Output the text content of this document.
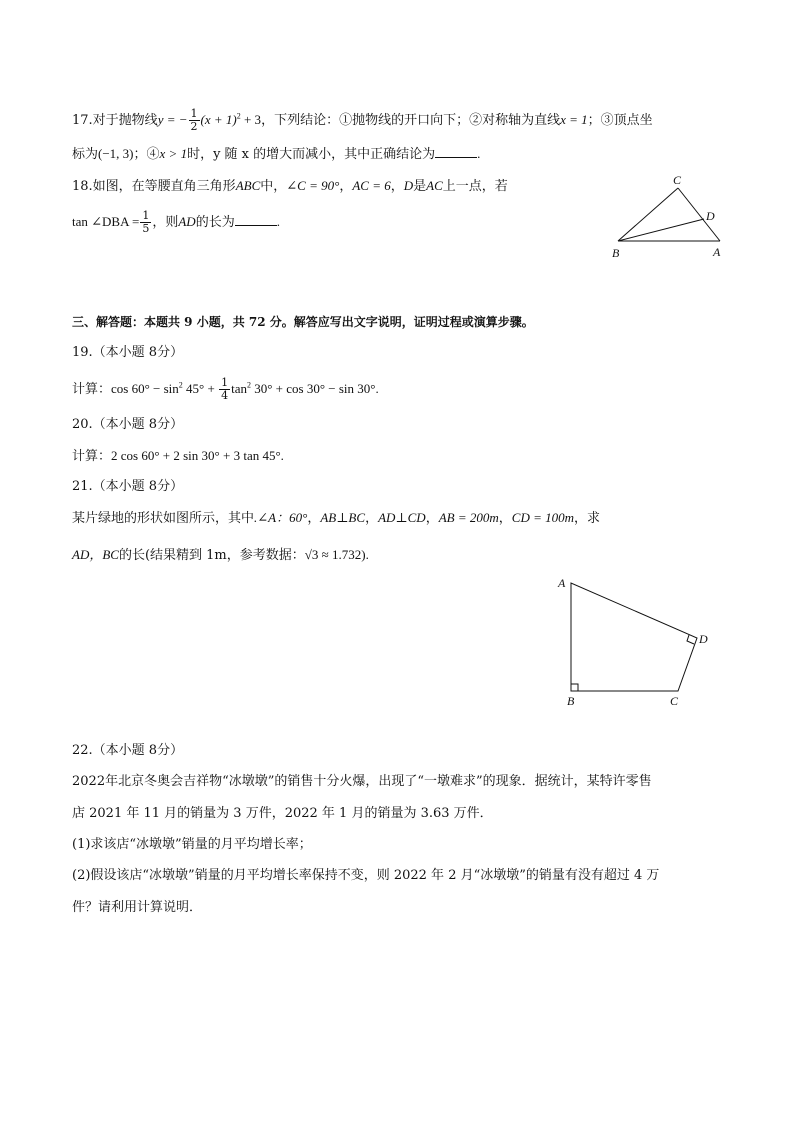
17.对于抛物线y = − $\frac{1}{2} (x + 1)^2 + 3$，下列结论：①抛物线的开口向下；②对称轴为直线x = 1；③顶点坐
标为(−1, 3)；④x > 1时，y 随 x 的增大而减小，其中正确结论为	.
18.如图，在等腰直角三角形ABC中，∠C = 90°，AC = 6，D是AC上一点，若
tan ∠DBA = $\frac{1}{5}$ ，则AD的长为	.
C
D
B	A
三、解答题：本题共 9 小题，共 72 分。解答应写出文字说明，证明过程或演算步骤。
19.（本小题 8分）
计算：$\cos 60^\circ - \sin^2 45^\circ + \frac{1}{4} \tan^2 30^\circ + \cos 30^\circ - \sin 30^\circ$.
20.（本小题 8分）
计算：2 cos 60° + 2 sin 30° + 3 tan 45°.
21.（本小题 8分）
某片绿地的形状如图所示，其中.∠A：60°，AB⊥BC，AD⊥CD，AB = 200m，CD = 100m，求
AD，BC的长(结果精到 1m，参考数据：√3 ≈ 1.732).
A
B	C
D
22.（本小题 8分）
2022年北京冬奥会吉祥物“冰墩墩”的销售十分火爆，出现了“一墩难求”的现象．据统计，某特许零售
店 2021 年 11 月的销量为 3 万件，2022 年 1 月的销量为 3.63 万件．
(1)求该店“冰墩墩”销量的月平均增长率；
(2)假设该店“冰墩墩”销量的月平均增长率保持不变，则 2022 年 2 月“冰墩墩”的销量有没有超过 4 万
件？请利用计算说明．
